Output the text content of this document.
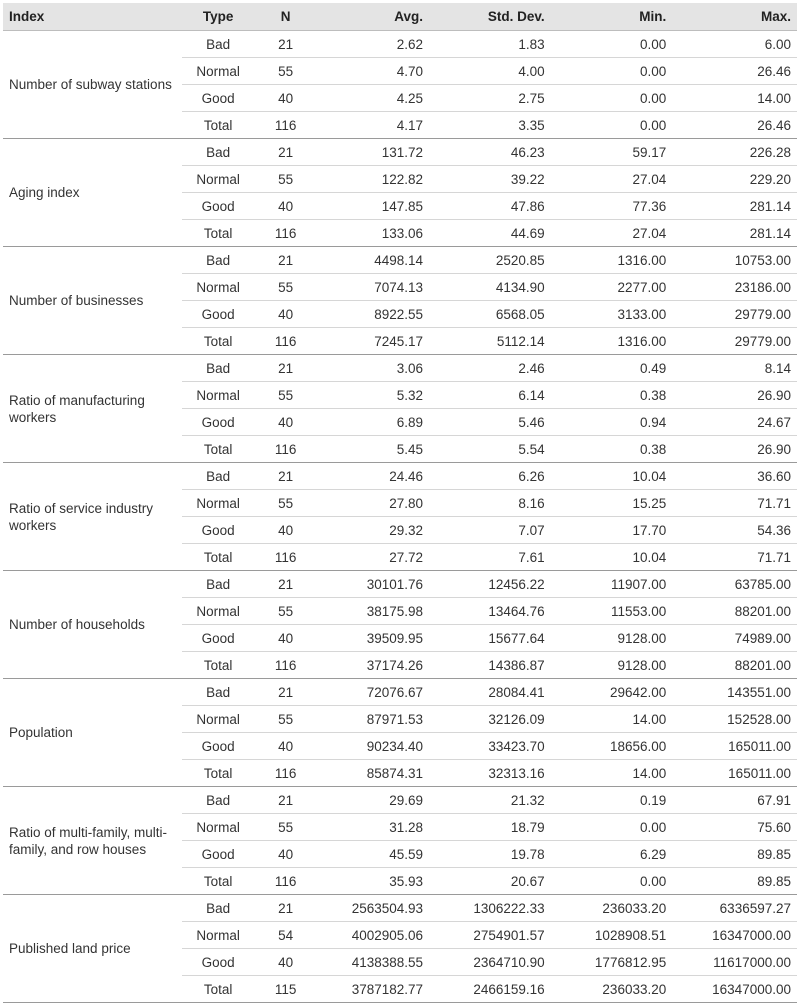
Index	Type	N	Avg.	Std. Dev.	Min.	Max.
Number of subway stations	Bad	21	2.62	1.83	0.00	6.00
	Normal	55	4.70	4.00	0.00	26.46
	Good	40	4.25	2.75	0.00	14.00
	Total	116	4.17	3.35	0.00	26.46
Aging index	Bad	21	131.72	46.23	59.17	226.28
	Normal	55	122.82	39.22	27.04	229.20
	Good	40	147.85	47.86	77.36	281.14
	Total	116	133.06	44.69	27.04	281.14
Number of businesses	Bad	21	4498.14	2520.85	1316.00	10753.00
	Normal	55	7074.13	4134.90	2277.00	23186.00
	Good	40	8922.55	6568.05	3133.00	29779.00
	Total	116	7245.17	5112.14	1316.00	29779.00
Ratio of manufacturing workers	Bad	21	3.06	2.46	0.49	8.14
	Normal	55	5.32	6.14	0.38	26.90
	Good	40	6.89	5.46	0.94	24.67
	Total	116	5.45	5.54	0.38	26.90
Ratio of service industry workers	Bad	21	24.46	6.26	10.04	36.60
	Normal	55	27.80	8.16	15.25	71.71
	Good	40	29.32	7.07	17.70	54.36
	Total	116	27.72	7.61	10.04	71.71
Number of households	Bad	21	30101.76	12456.22	11907.00	63785.00
	Normal	55	38175.98	13464.76	11553.00	88201.00
	Good	40	39509.95	15677.64	9128.00	74989.00
	Total	116	37174.26	14386.87	9128.00	88201.00
Population	Bad	21	72076.67	28084.41	29642.00	143551.00
	Normal	55	87971.53	32126.09	14.00	152528.00
	Good	40	90234.40	33423.70	18656.00	165011.00
	Total	116	85874.31	32313.16	14.00	165011.00
Ratio of multi-family, multi-family, and row houses	Bad	21	29.69	21.32	0.19	67.91
	Normal	55	31.28	18.79	0.00	75.60
	Good	40	45.59	19.78	6.29	89.85
	Total	116	35.93	20.67	0.00	89.85
Published land price	Bad	21	2563504.93	1306222.33	236033.20	6336597.27
	Normal	54	4002905.06	2754901.57	1028908.51	16347000.00
	Good	40	4138388.55	2364710.90	1776812.95	11617000.00
	Total	115	3787182.77	2466159.16	236033.20	16347000.00
